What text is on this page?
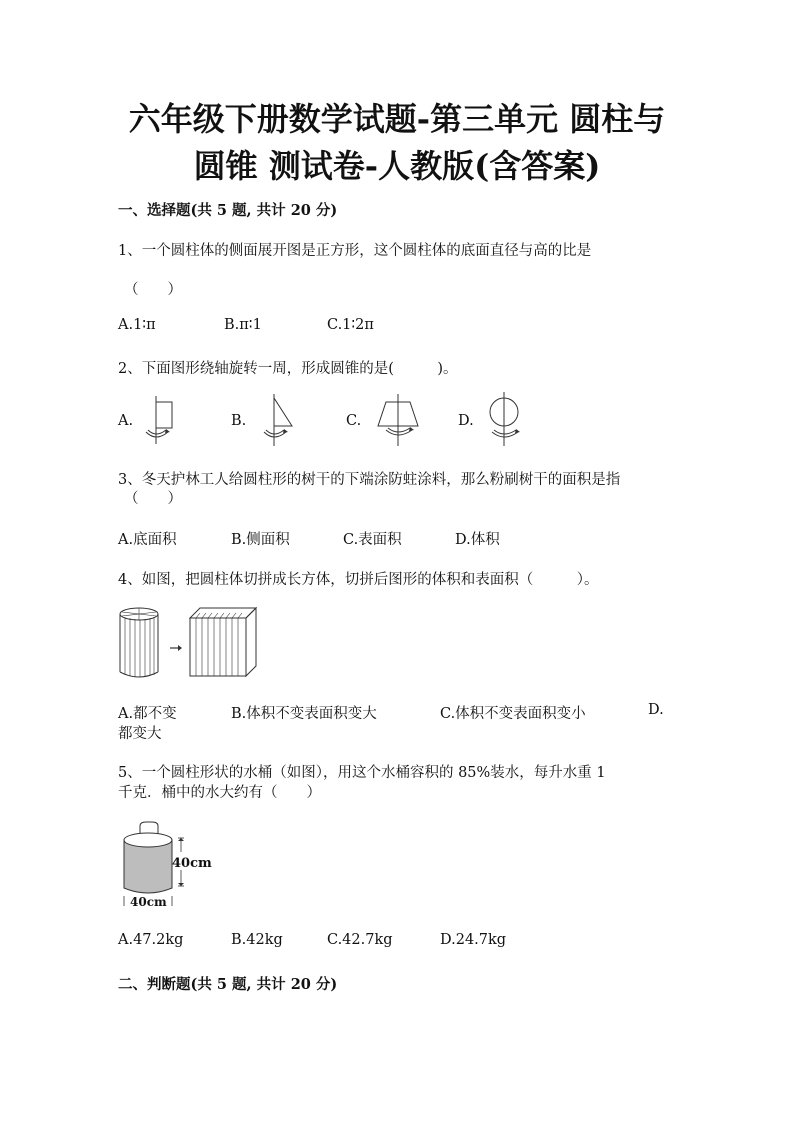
六年级下册数学试题-第三单元 圆柱与
圆锥 测试卷-人教版(含答案)
一、选择题(共 5 题, 共计 20 分)
1、一个圆柱体的侧面展开图是正方形，这个圆柱体的底面直径与高的比是
（　　）
A.1∶π	B.π∶1	C.1∶2π
2、下面图形绕轴旋转一周，形成圆锥的是(　　　)。
A.	B.	C.	D.
3、冬天护林工人给圆柱形的树干的下端涂防蛀涂料，那么粉刷树干的面积是指
（　　）
A.底面积	B.侧面积	C.表面积	D.体积
4、如图，把圆柱体切拼成长方体，切拼后图形的体积和表面积（　　　）。
A.都不变	B.体积不变表面积变大	C.体积不变表面积变小	D.
都变大
5、一个圆柱形状的水桶（如图），用这个水桶容积的 85%装水，每升水重 1
千克．桶中的水大约有（　　）
40cm
40cm
A.47.2kg	B.42kg	C.42.7kg	D.24.7kg
二、判断题(共 5 题, 共计 20 分)
